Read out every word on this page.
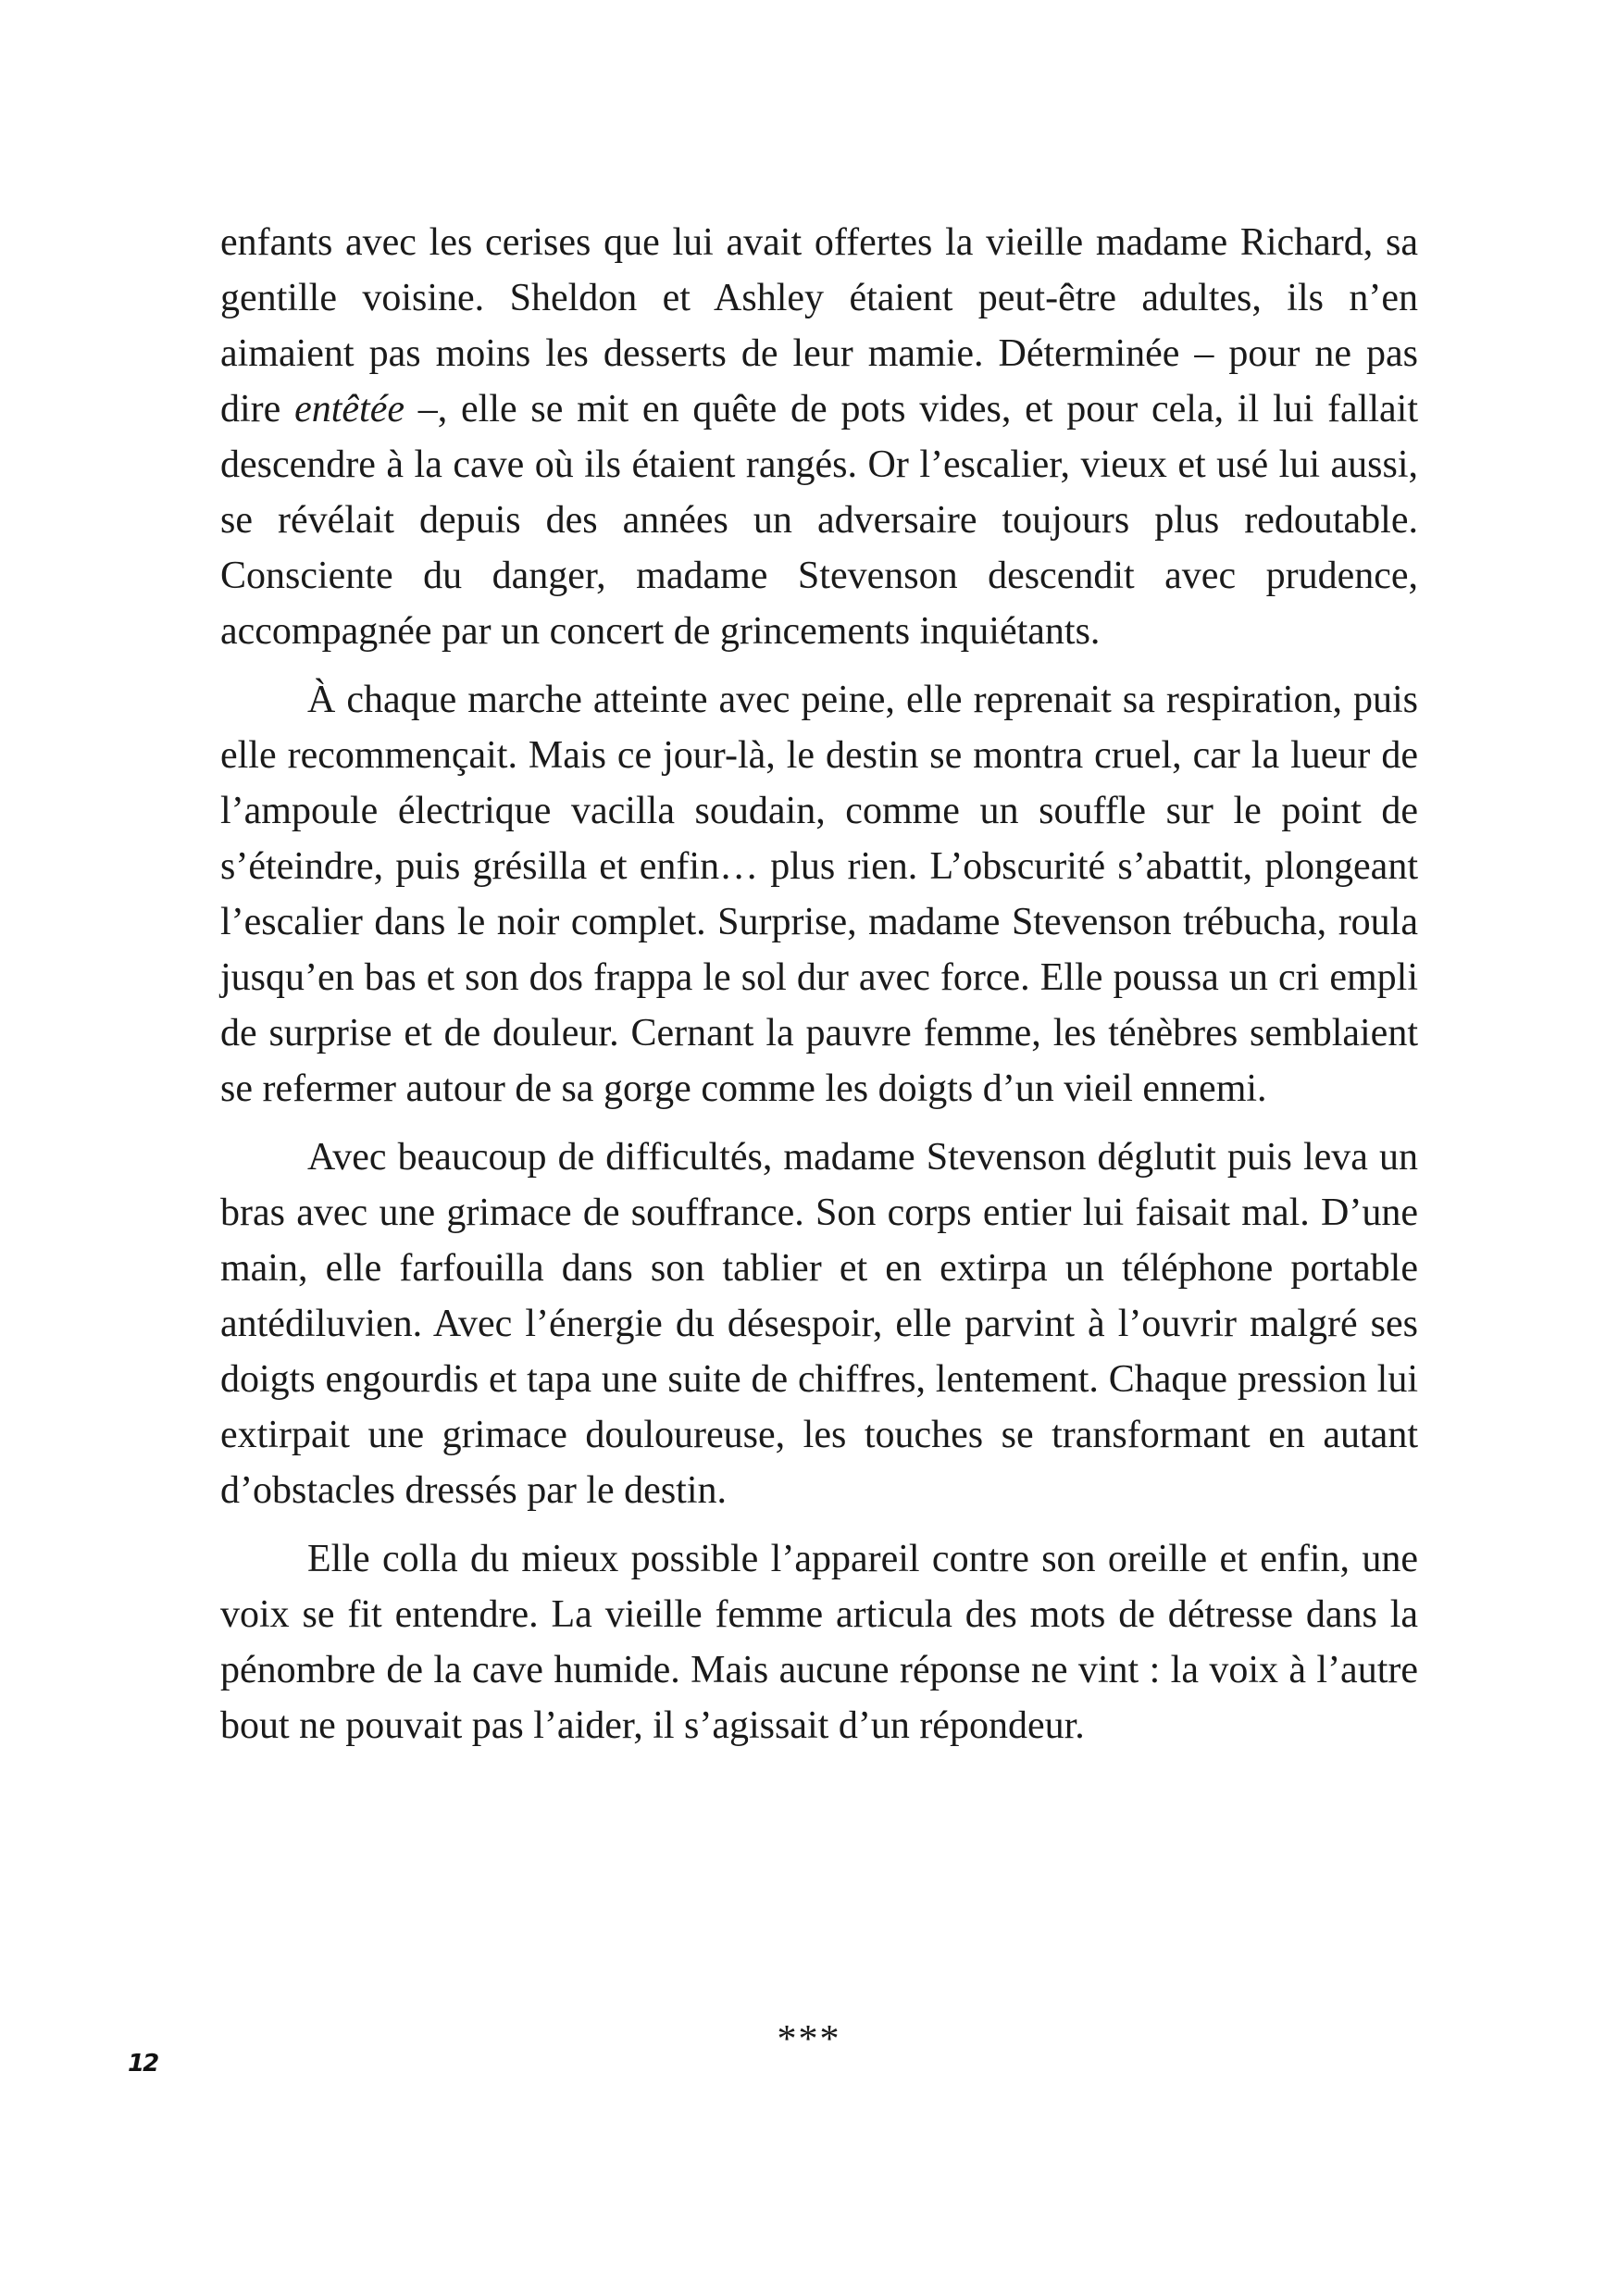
enfants avec les cerises que lui avait offertes la vieille madame Richard, sa gentille voisine. Sheldon et Ashley étaient peut-être adultes, ils n’en aimaient pas moins les desserts de leur mamie. Déterminée – pour ne pas dire entêtée –, elle se mit en quête de pots vides, et pour cela, il lui fallait descendre à la cave où ils étaient rangés. Or l’escalier, vieux et usé lui aussi, se révélait depuis des années un adversaire toujours plus redoutable. Consciente du danger, madame Stevenson descendit avec prudence, accompagnée par un concert de grincements inquiétants.

À chaque marche atteinte avec peine, elle reprenait sa respiration, puis elle recommençait. Mais ce jour-là, le destin se montra cruel, car la lueur de l’ampoule électrique vacilla soudain, comme un souffle sur le point de s’éteindre, puis grésilla et enfin… plus rien. L’obscurité s’abattit, plongeant l’escalier dans le noir complet. Surprise, madame Stevenson trébucha, roula jusqu’en bas et son dos frappa le sol dur avec force. Elle poussa un cri empli de surprise et de douleur. Cernant la pauvre femme, les ténèbres semblaient se refermer autour de sa gorge comme les doigts d’un vieil ennemi.

Avec beaucoup de difficultés, madame Stevenson déglutit puis leva un bras avec une grimace de souffrance. Son corps entier lui faisait mal. D’une main, elle farfouilla dans son tablier et en extirpa un téléphone portable antédiluvien. Avec l’énergie du désespoir, elle parvint à l’ouvrir malgré ses doigts engourdis et tapa une suite de chiffres, lentement. Chaque pression lui extirpait une grimace douloureuse, les touches se transformant en autant d’obstacles dressés par le destin.

Elle colla du mieux possible l’appareil contre son oreille et enfin, une voix se fit entendre. La vieille femme articula des mots de détresse dans la pénombre de la cave humide. Mais aucune réponse ne vint : la voix à l’autre bout ne pouvait pas l’aider, il s’agissait d’un répondeur.

***
12
